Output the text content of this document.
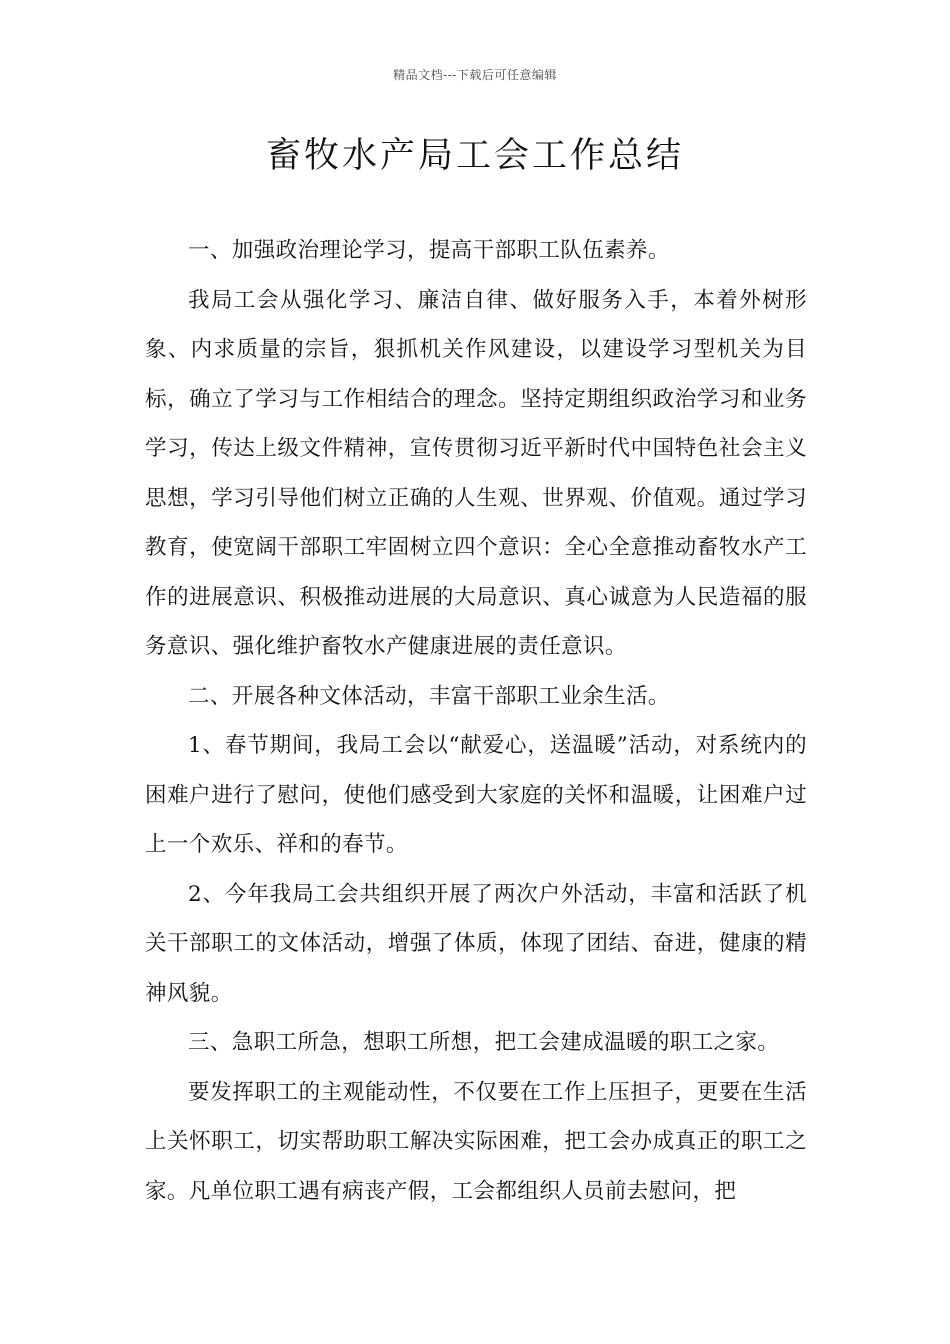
精品文档---下载后可任意编辑
畜牧水产局工会工作总结

一、加强政治理论学习，提高干部职工队伍素养。

我局工会从强化学习、廉洁自律、做好服务入手，本着外树形象、内求质量的宗旨，狠抓机关作风建设，以建设学习型机关为目标，确立了学习与工作相结合的理念。坚持定期组织政治学习和业务学习，传达上级文件精神，宣传贯彻习近平新时代中国特色社会主义思想，学习引导他们树立正确的人生观、世界观、价值观。通过学习教育，使宽阔干部职工牢固树立四个意识：全心全意推动畜牧水产工作的进展意识、积极推动进展的大局意识、真心诚意为人民造福的服务意识、强化维护畜牧水产健康进展的责任意识。

二、开展各种文体活动，丰富干部职工业余生活。

1、春节期间，我局工会以“献爱心，送温暖”活动，对系统内的困难户进行了慰问，使他们感受到大家庭的关怀和温暖，让困难户过上一个欢乐、祥和的春节。

2、今年我局工会共组织开展了两次户外活动，丰富和活跃了机关干部职工的文体活动，增强了体质，体现了团结、奋进，健康的精神风貌。

三、急职工所急，想职工所想，把工会建成温暖的职工之家。

要发挥职工的主观能动性，不仅要在工作上压担子，更要在生活上关怀职工，切实帮助职工解决实际困难，把工会办成真正的职工之家。凡单位职工遇有病丧产假，工会都组织人员前去慰问，把
